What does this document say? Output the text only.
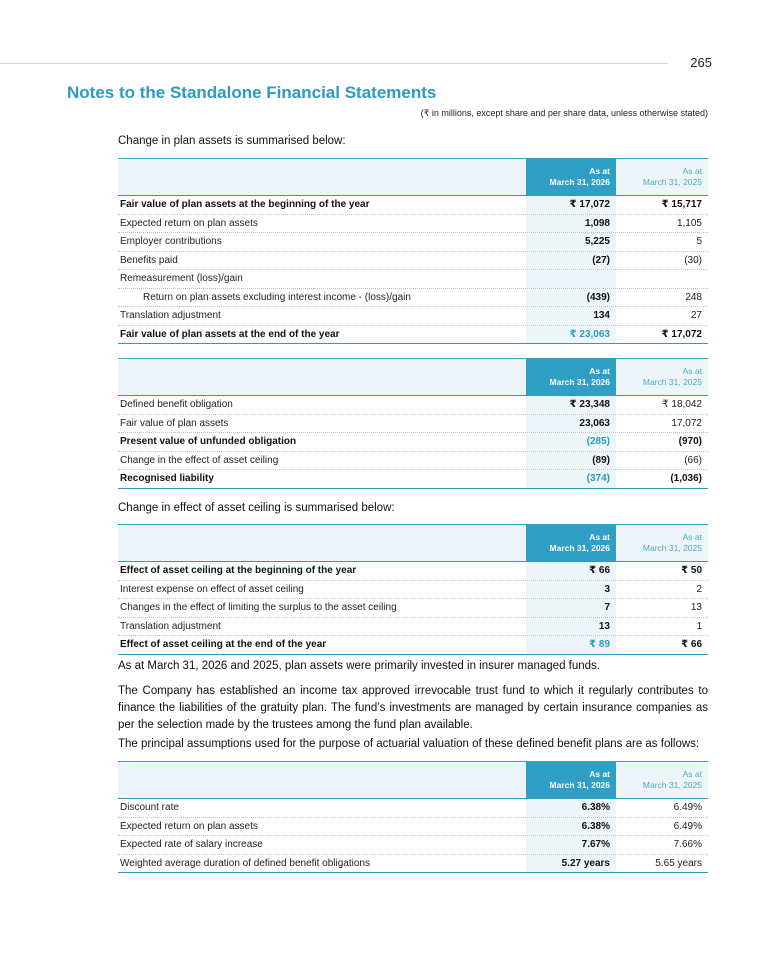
265
Notes to the Standalone Financial Statements
(₹ in millions, except share and per share data, unless otherwise stated)
Change in plan assets is summarised below:
As at
March 31, 2026
As at
March 31, 2025
Fair value of plan assets at the beginning of the year	₹ 17,072	₹ 15,717
Expected return on plan assets	1,098	1,105
Employer contributions	5,225	5
Benefits paid	(27)	(30)
Remeasurement (loss)/gain
Return on plan assets excluding interest income - (loss)/gain	(439)	248
Translation adjustment	134	27
Fair value of plan assets at the end of the year	₹ 23,063	₹ 17,072
As at
March 31, 2026
As at
March 31, 2025
Defined benefit obligation	₹ 23,348	₹ 18,042
Fair value of plan assets	23,063	17,072
Present value of unfunded obligation	(285)	(970)
Change in the effect of asset ceiling	(89)	(66)
Recognised liability	(374)	(1,036)
Change in effect of asset ceiling is summarised below:
As at
March 31, 2026
As at
March 31, 2025
Effect of asset ceiling at the beginning of the year	₹ 66	₹ 50
Interest expense on effect of asset ceiling	3	2
Changes in the effect of limiting the surplus to the asset ceiling	7	13
Translation adjustment	13	1
Effect of asset ceiling at the end of the year	₹ 89	₹ 66
As at March 31, 2026 and 2025, plan assets were primarily invested in insurer managed funds.
The Company has established an income tax approved irrevocable trust fund to which it regularly contributes to finance the liabilities of the gratuity plan. The fund’s investments are managed by certain insurance companies as per the selection made by the trustees among the fund plan available.
The principal assumptions used for the purpose of actuarial valuation of these defined benefit plans are as follows:
As at
March 31, 2026
As at
March 31, 2025
Discount rate	6.38%	6.49%
Expected return on plan assets	6.38%	6.49%
Expected rate of salary increase	7.67%	7.66%
Weighted average duration of defined benefit obligations	5.27 years	5.65 years
